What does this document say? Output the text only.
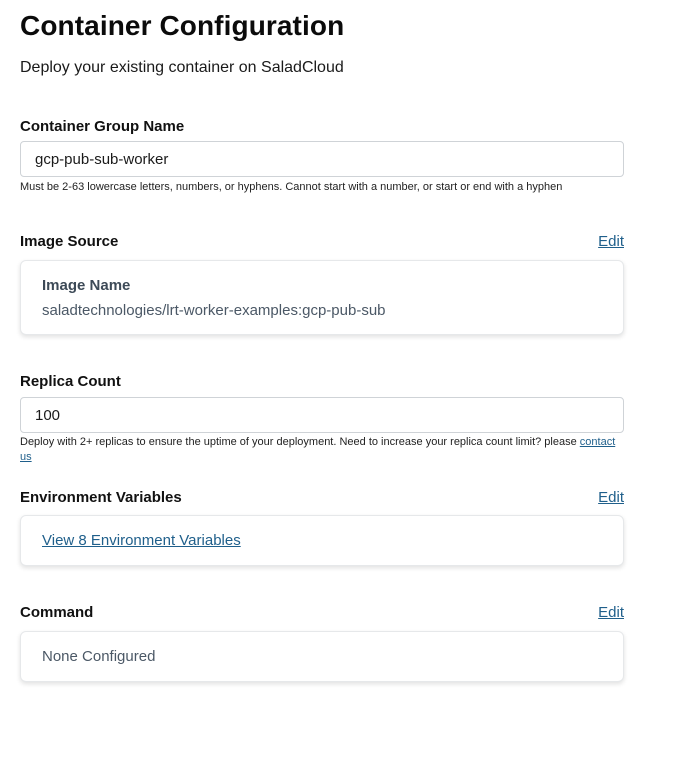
Container Configuration

Deploy your existing container on SaladCloud

Container Group Name
gcp-pub-sub-worker
Must be 2-63 lowercase letters, numbers, or hyphens. Cannot start with a number, or start or end with a hyphen
Image Source	Edit
Image Name
saladtechnologies/lrt-worker-examples:gcp-pub-sub
Replica Count
100
Deploy with 2+ replicas to ensure the uptime of your deployment. Need to increase your replica count limit? please contact us
Environment Variables	Edit
View 8 Environment Variables
Command	Edit
None Configured
